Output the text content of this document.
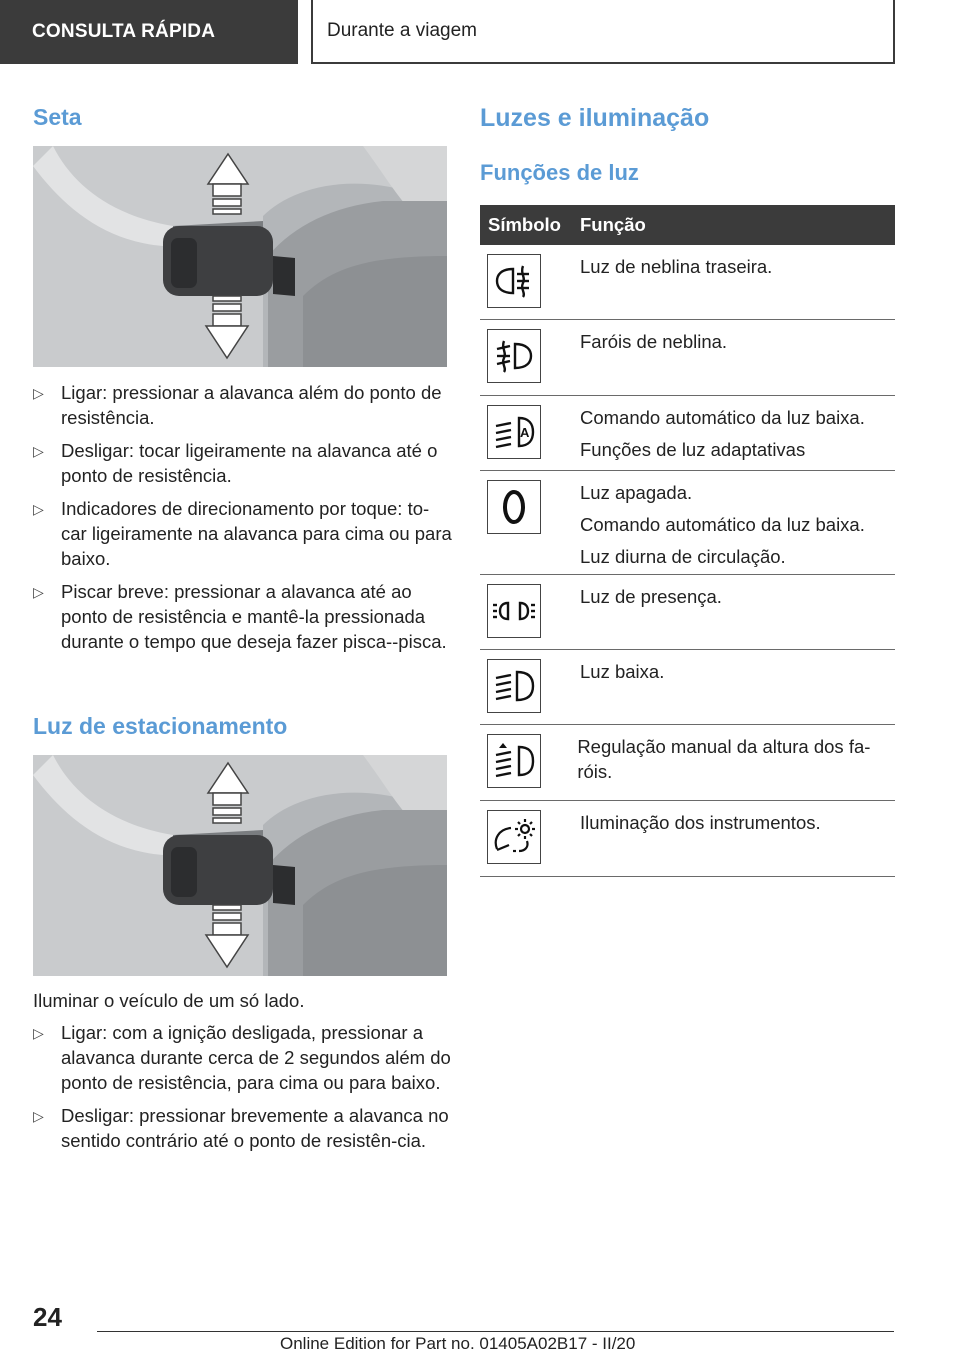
CONSULTA RÁPIDA	Durante a viagem
Seta
▷ Ligar: pressionar a alavanca além do ponto de resistência.
▷ Desligar: tocar ligeiramente na alavanca até o ponto de resistência.
▷ Indicadores de direcionamento por toque: to-car ligeiramente na alavanca para cima ou para baixo.
▷ Piscar breve: pressionar a alavanca até ao ponto de resistência e mantê-la pressionada durante o tempo que deseja fazer pisca--pisca.
Luz de estacionamento

Iluminar o veículo de um só lado.

▷ Ligar: com a ignição desligada, pressionar a alavanca durante cerca de 2 segundos além do ponto de resistência, para cima ou para baixo.
▷ Desligar: pressionar brevemente a alavanca no sentido contrário até o ponto de resistên-cia.
Luzes e iluminação
Funções de luz
Símbolo	Função

Luz de neblina traseira.

Faróis de neblina.

A

Comando automático da luz baixa.

Funções de luz adaptativas

Luz apagada.

Comando automático da luz baixa.

Luz diurna de circulação.

Luz de presença.

Luz baixa.

Regulação manual da altura dos fa-róis.

Iluminação dos instrumentos.

24
Online Edition for Part no. 01405A02B17 - II/20
